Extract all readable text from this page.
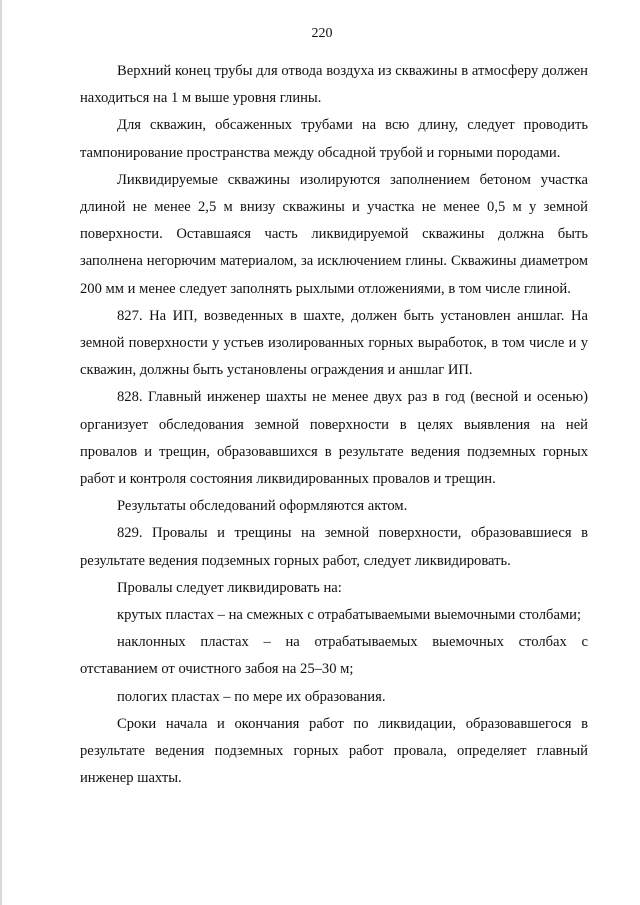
220

Верхний конец трубы для отвода воздуха из скважины в атмосферу должен находиться на 1 м выше уровня глины.

Для скважин, обсаженных трубами на всю длину, следует проводить тампонирование пространства между обсадной трубой и горными породами.

Ликвидируемые скважины изолируются заполнением бетоном участка длиной не менее 2,5 м внизу скважины и участка не менее 0,5 м у земной поверхности. Оставшаяся часть ликвидируемой скважины должна быть заполнена негорючим материалом, за исключением глины. Скважины диаметром 200 мм и менее следует заполнять рыхлыми отложениями, в том числе глиной.

827. На ИП, возведенных в шахте, должен быть установлен аншлаг. На земной поверхности у устьев изолированных горных выработок, в том числе и у скважин, должны быть установлены ограждения и аншлаг ИП.

828. Главный инженер шахты не менее двух раз в год (весной и осенью) организует обследования земной поверхности в целях выявления на ней провалов и трещин, образовавшихся в результате ведения подземных горных работ и контроля состояния ликвидированных провалов и трещин.

Результаты обследований оформляются актом.

829. Провалы и трещины на земной поверхности, образовавшиеся в результате ведения подземных горных работ, следует ликвидировать.

Провалы следует ликвидировать на:

крутых пластах – на смежных с отрабатываемыми выемочными столбами;

наклонных пластах – на отрабатываемых выемочных столбах с отставанием от очистного забоя на 25–30 м;

пологих пластах – по мере их образования.

Сроки начала и окончания работ по ликвидации, образовавшегося в результате ведения подземных горных работ провала, определяет главный инженер шахты.
